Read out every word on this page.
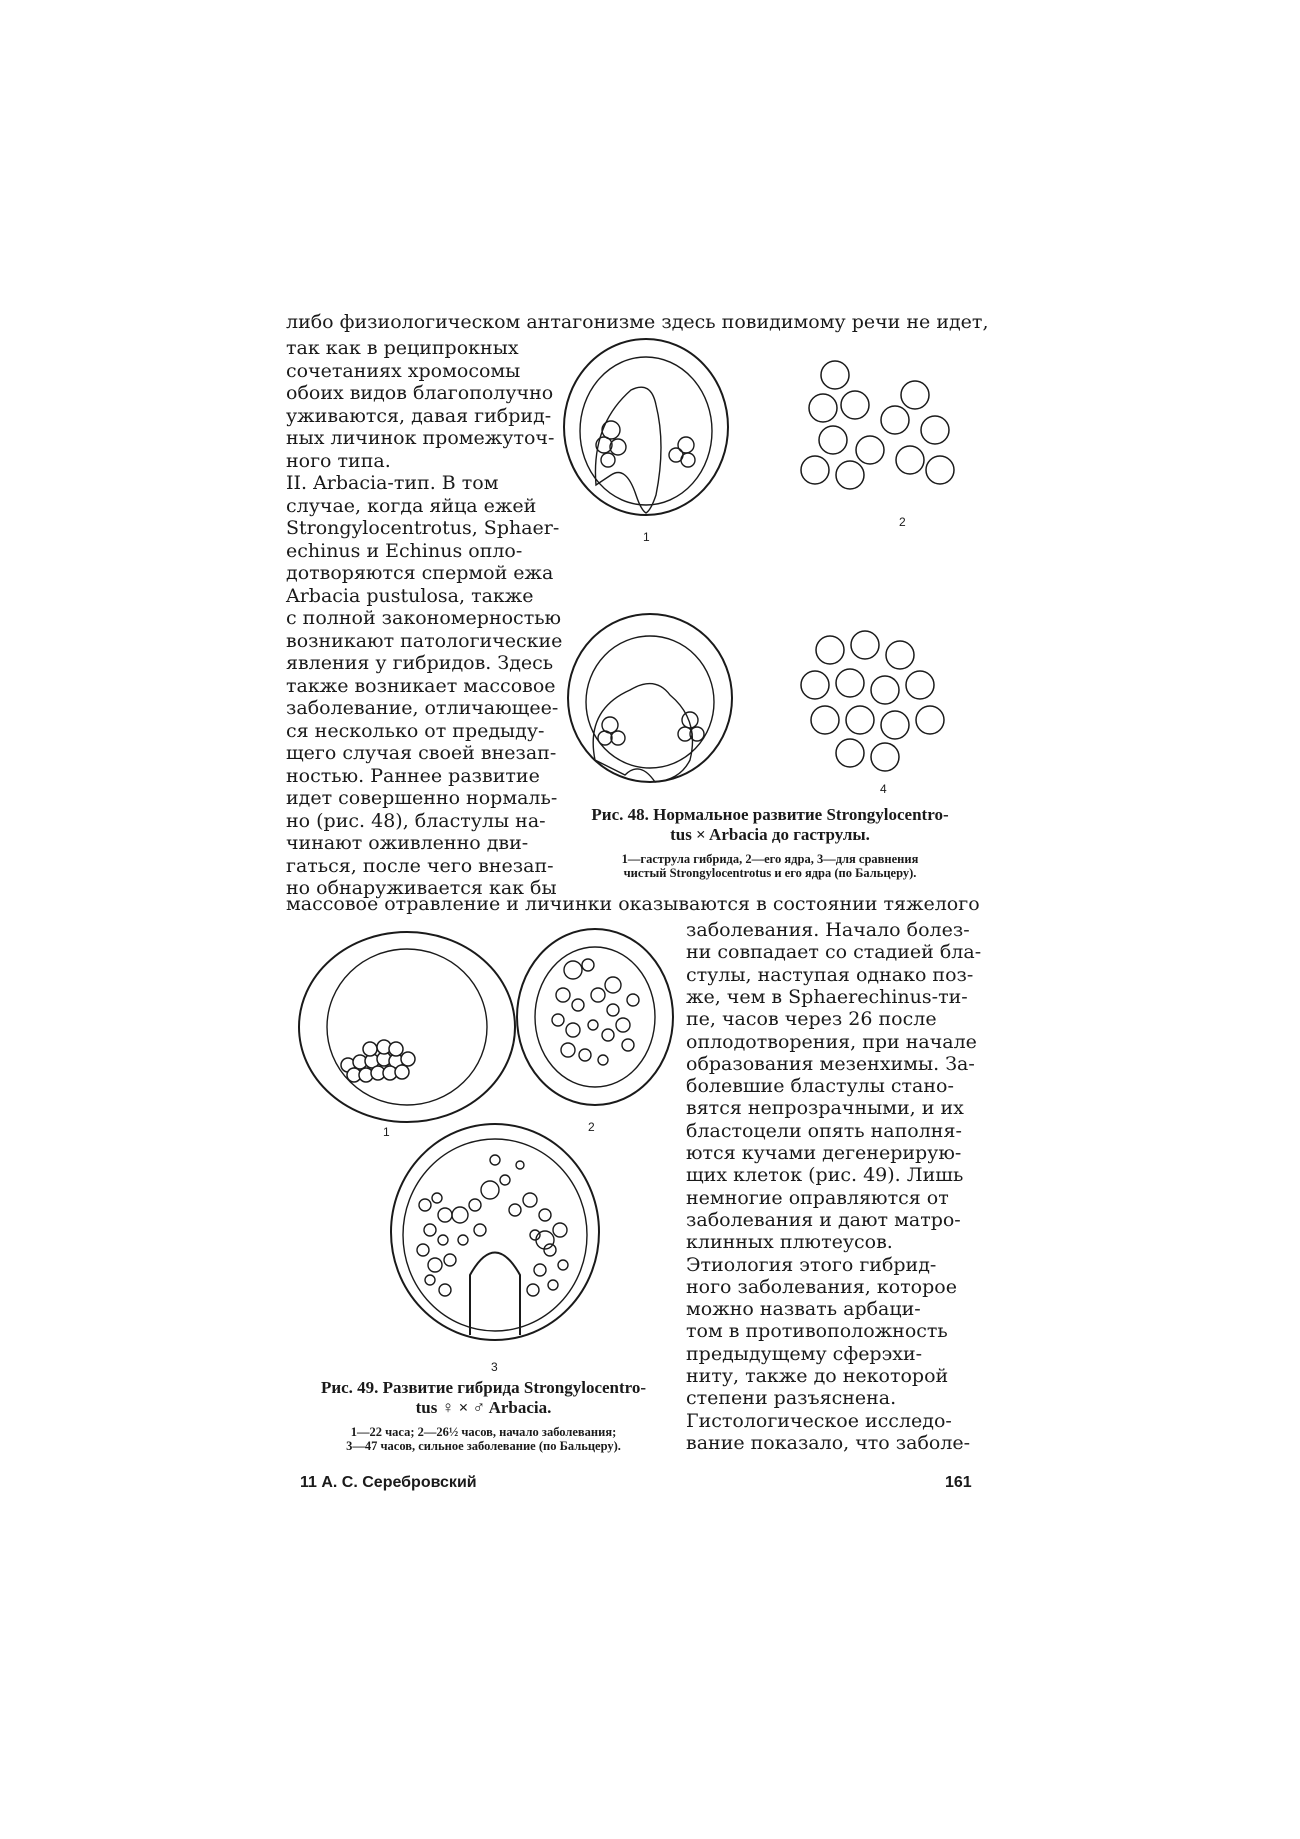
либо физиологическом антагонизме здесь повидимому речи не идет,
так как в реципрокных
сочетаниях хромосомы
обоих видов благополучно
уживаются, давая гибрид-
ных личинок промежуточ-
ного типа.
II. Arbacia-тип. В том
случае, когда яйца ежей
Strongylocentrotus, Sphaer-
echinus и Echinus опло-
дотворяются спермой ежа
Arbacia pustulosa, также
с полной закономерностью
возникают патологические
явления у гибридов. Здесь
также возникает массовое
заболевание, отличающее-
ся несколько от предыду-
щего случая своей внезап-
ностью. Раннее развитие
идет совершенно нормаль-
но (рис. 48), бластулы на-
чинают оживленно дви-
гаться, после чего внезап-
но обнаруживается как бы
1
2
4
Рис. 48. Нормальное развитие Strongylocentro-
tus × Arbacia до гаструлы.
1—гаструла гибрида, 2—его ядра, 3—для сравнения
чистый Strongylocentrotus и его ядра (по Бальцеру).
массовое отравление и личинки оказываются в состоянии тяжелого
1	2
3
Рис. 49. Развитие гибрида Strongylocentro-
tus ♀ × ♂ Arbacia.
1—22 часа; 2—26½ часов, начало заболевания;
3—47 часов, сильное заболевание (по Бальцеру).
заболевания. Начало болез-
ни совпадает со стадией бла-
стулы, наступая однако поз-
же, чем в Sphaerechinus-ти-
пе, часов через 26 после
оплодотворения, при начале
образования мезенхимы. За-
болевшие бластулы стано-
вятся непрозрачными, и их
бластоцели опять наполня-
ются кучами дегенерирую-
щих клеток (рис. 49). Лишь
немногие оправляются от
заболевания и дают матро-
клинных плютеусов.
Этиология этого гибрид-
ного заболевания, которое
можно назвать арбаци-
том в противоположность
предыдущему сферэхи-
ниту, также до некоторой
степени разъяснена.
Гистологическое исследо-
вание показало, что заболе-
11 А. С. Серебровский	161
